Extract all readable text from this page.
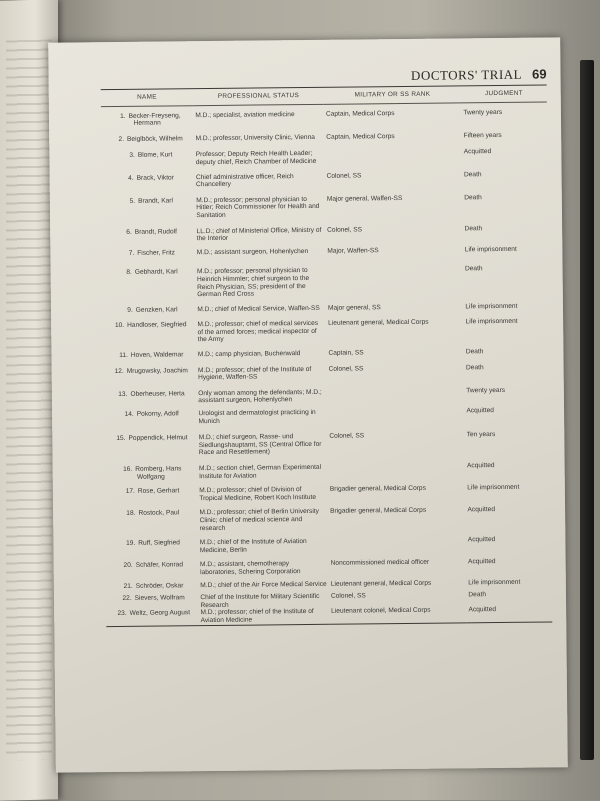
DOCTORS' TRIAL 69
NAME	PROFESSIONAL STATUS	MILITARY OR SS RANK	JUDGMENT
1. Becker-Freyseng, Hermann	M.D.; specialist, aviation medicine	Captain, Medical Corps	Twenty years
2. Beiglböck, Wilhelm	M.D.; professor, University Clinic, Vienna	Captain, Medical Corps	Fifteen years
3. Blome, Kurt	Professor; Deputy Reich Health Leader; deputy chief, Reich Chamber of Medicine		Acquitted
4. Brack, Viktor	Chief administrative officer, Reich Chancellery	Colonel, SS	Death
5. Brandt, Karl	M.D.; professor; personal physician to Hitler; Reich Commissioner for Health and Sanitation	Major general, Waffen-SS	Death
6. Brandt, Rudolf	LL.D.; chief of Ministerial Office, Ministry of the Interior	Colonel, SS	Death
7. Fischer, Fritz	M.D.; assistant surgeon, Hohenlychen	Major, Waffen-SS	Life imprisonment
8. Gebhardt, Karl	M.D.; professor; personal physician to Heinrich Himmler; chief surgeon to the Reich Physician, SS; president of the German Red Cross		Death
9. Genzken, Karl	M.D.; chief of Medical Service, Waffen-SS	Major general, SS	Life imprisonment
10. Handloser, Siegfried	M.D.; professor; chief of medical services of the armed forces; medical inspector of the Army	Lieutenant general, Medical Corps	Life imprisonment
11. Hoven, Waldemar	M.D.; camp physician, Buchenwald	Captain, SS	Death
12. Mrugowsky, Joachim	M.D.; professor; chief of the Institute of Hygiene, Waffen-SS	Colonel, SS	Death
13. Oberheuser, Herta	Only woman among the defendants; M.D.; assistant surgeon, Hohenlychen		Twenty years
14. Pokorny, Adolf	Urologist and dermatologist practicing in Munich		Acquitted
15. Poppendick, Helmut	M.D.; chief surgeon, Rasse- und Siedlungshauptamt, SS (Central Office for Race and Resettlement)	Colonel, SS	Ten years
16. Romberg, Hans Wolfgang	M.D.; section chief, German Experimental Institute for Aviation		Acquitted
17. Rose, Gerhart	M.D.; professor; chief of Division of Tropical Medicine, Robert Koch Institute	Brigadier general, Medical Corps	Life imprisonment
18. Rostock, Paul	M.D.; professor; chief of Berlin University Clinic; chief of medical science and research	Brigadier general, Medical Corps	Acquitted
19. Ruff, Siegfried	M.D.; chief of the Institute of Aviation Medicine, Berlin		Acquitted
20. Schäfer, Konrad	M.D.; assistant, chemotherapy laboratories, Schering Corporation	Noncommissioned medical officer	Acquitted
21. Schröder, Oskar	M.D.; chief of the Air Force Medical Service	Lieutenant general, Medical Corps	Life imprisonment
22. Sievers, Wolfram	Chief of the Institute for Military Scientific Research	Colonel, SS	Death
23. Weltz, Georg August	M.D.; professor; chief of the Institute of Aviation Medicine	Lieutenant colonel, Medical Corps	Acquitted
